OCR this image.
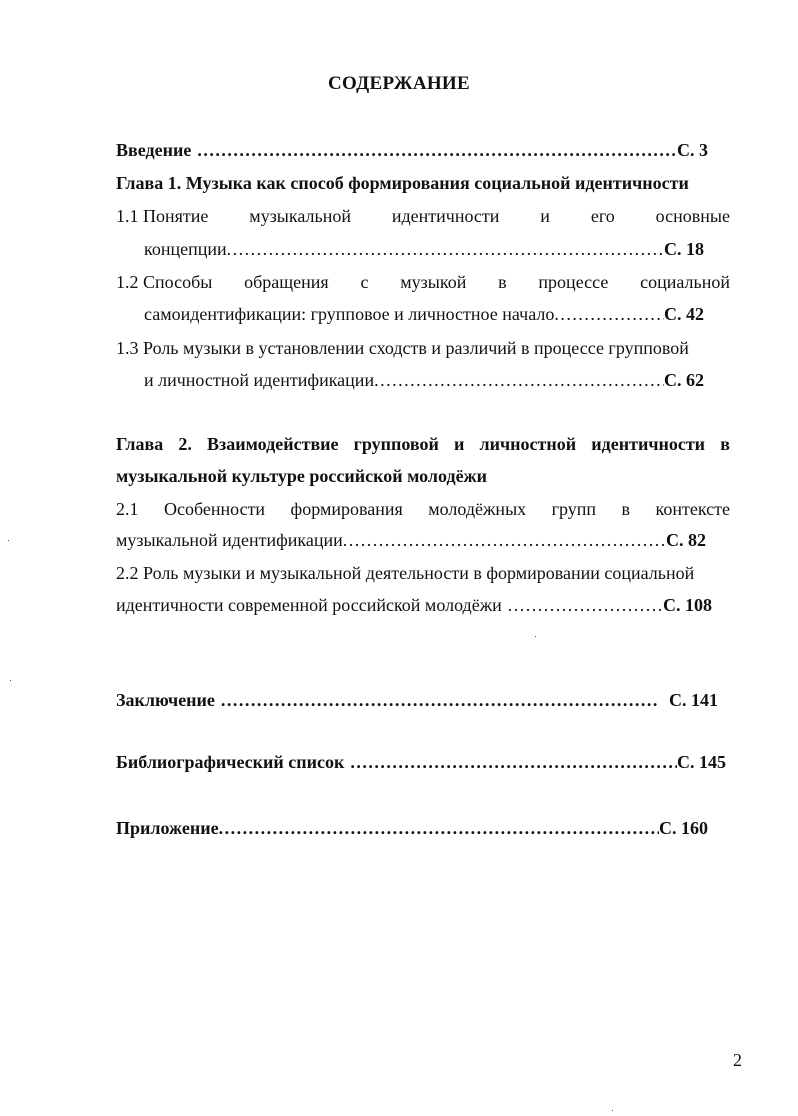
СОДЕРЖАНИЕ
Введение . . .	С. 3
Глава 1. Музыка как способ формирования социальной идентичности
1.1 Понятие музыкальной идентичности и его основные
концепции . . .	С. 18
1.2 Способы обращения с музыкой в процессе социальной
самоидентификации: групповое и личностное начало . . .	С. 42
1.3 Роль музыки в установлении сходств и различий в процессе групповой
и личностной идентификации . . .	С. 62
Глава 2. Взаимодействие групповой и личностной идентичности в
музыкальной культуре российской молодёжи
2.1 Особенности формирования молодёжных групп в контексте
музыкальной идентификации . . .	С. 82
2.2 Роль музыки и музыкальной деятельности в формировании социальной
идентичности современной российской молодёжи . . .	С. 108
Заключение . . .	С. 141
Библиографический список . . .	С. 145
Приложение . . .	С. 160
2
